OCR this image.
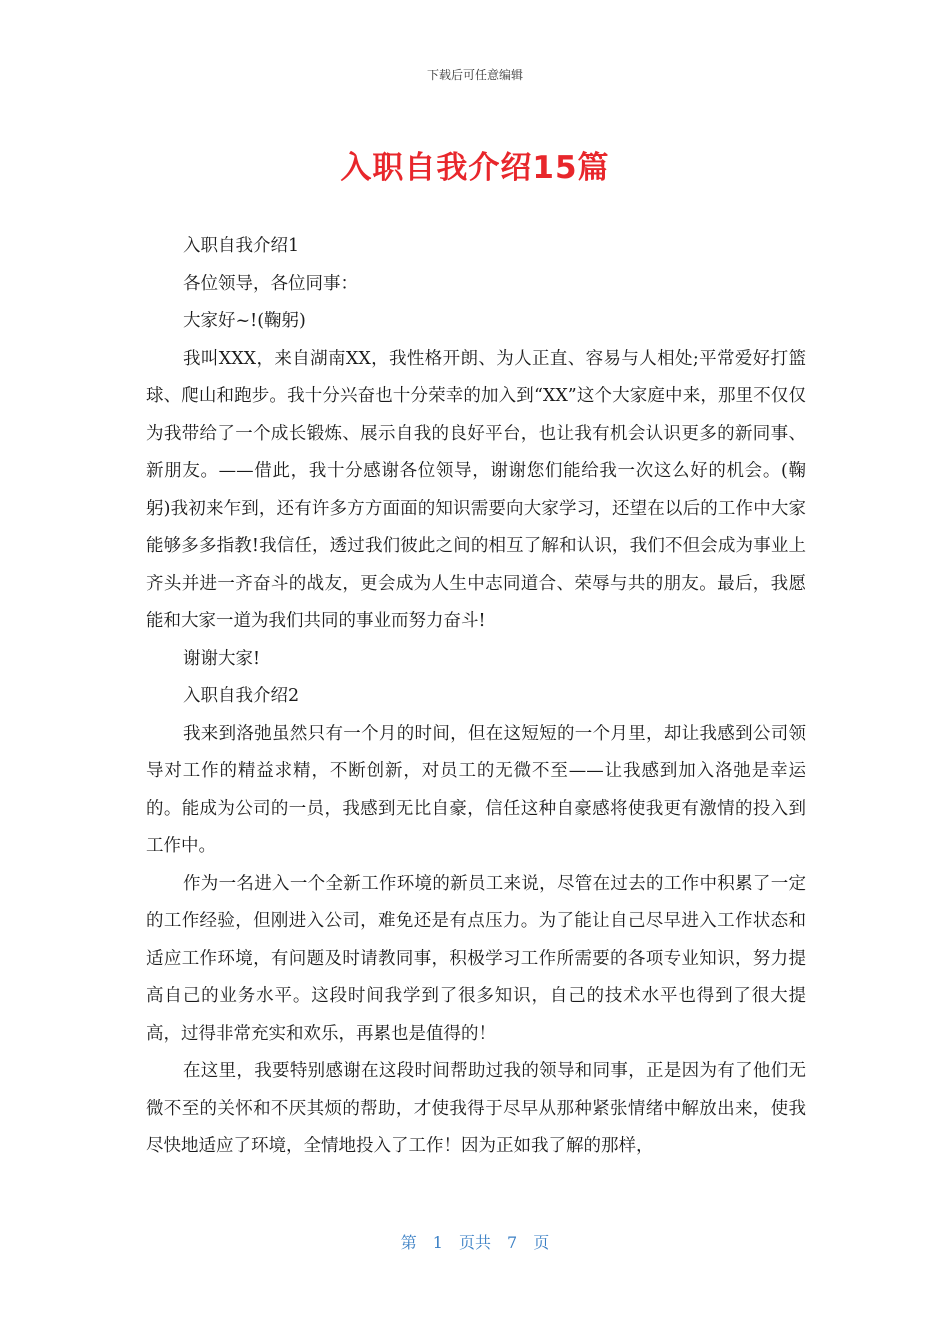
下载后可任意编辑
入职自我介绍15篇

入职自我介绍1

各位领导，各位同事：

大家好~!(鞠躬)

我叫XXX，来自湖南XX，我性格开朗、为人正直、容易与人相处;平常爱好打篮球、爬山和跑步。我十分兴奋也十分荣幸的加入到“XX”这个大家庭中来，那里不仅仅为我带给了一个成长锻炼、展示自我的良好平台，也让我有机会认识更多的新同事、新朋友。——借此，我十分感谢各位领导，谢谢您们能给我一次这么好的机会。(鞠躬)我初来乍到，还有许多方方面面的知识需要向大家学习，还望在以后的工作中大家能够多多指教!我信任，透过我们彼此之间的相互了解和认识，我们不但会成为事业上齐头并进一齐奋斗的战友，更会成为人生中志同道合、荣辱与共的朋友。最后，我愿能和大家一道为我们共同的事业而努力奋斗!

谢谢大家!

入职自我介绍2

我来到洛弛虽然只有一个月的时间，但在这短短的一个月里，却让我感到公司领导对工作的精益求精，不断创新，对员工的无微不至——让我感到加入洛弛是幸运的。能成为公司的一员，我感到无比自豪，信任这种自豪感将使我更有激情的投入到工作中。

作为一名进入一个全新工作环境的新员工来说，尽管在过去的工作中积累了一定的工作经验，但刚进入公司，难免还是有点压力。为了能让自己尽早进入工作状态和适应工作环境，有问题及时请教同事，积极学习工作所需要的各项专业知识，努力提高自己的业务水平。这段时间我学到了很多知识，自己的技术水平也得到了很大提高，过得非常充实和欢乐，再累也是值得的！

在这里，我要特别感谢在这段时间帮助过我的领导和同事，正是因为有了他们无微不至的关怀和不厌其烦的帮助，才使我得于尽早从那种紧张情绪中解放出来，使我尽快地适应了环境，全情地投入了工作！因为正如我了解的那样，

第 1 页共 7 页
